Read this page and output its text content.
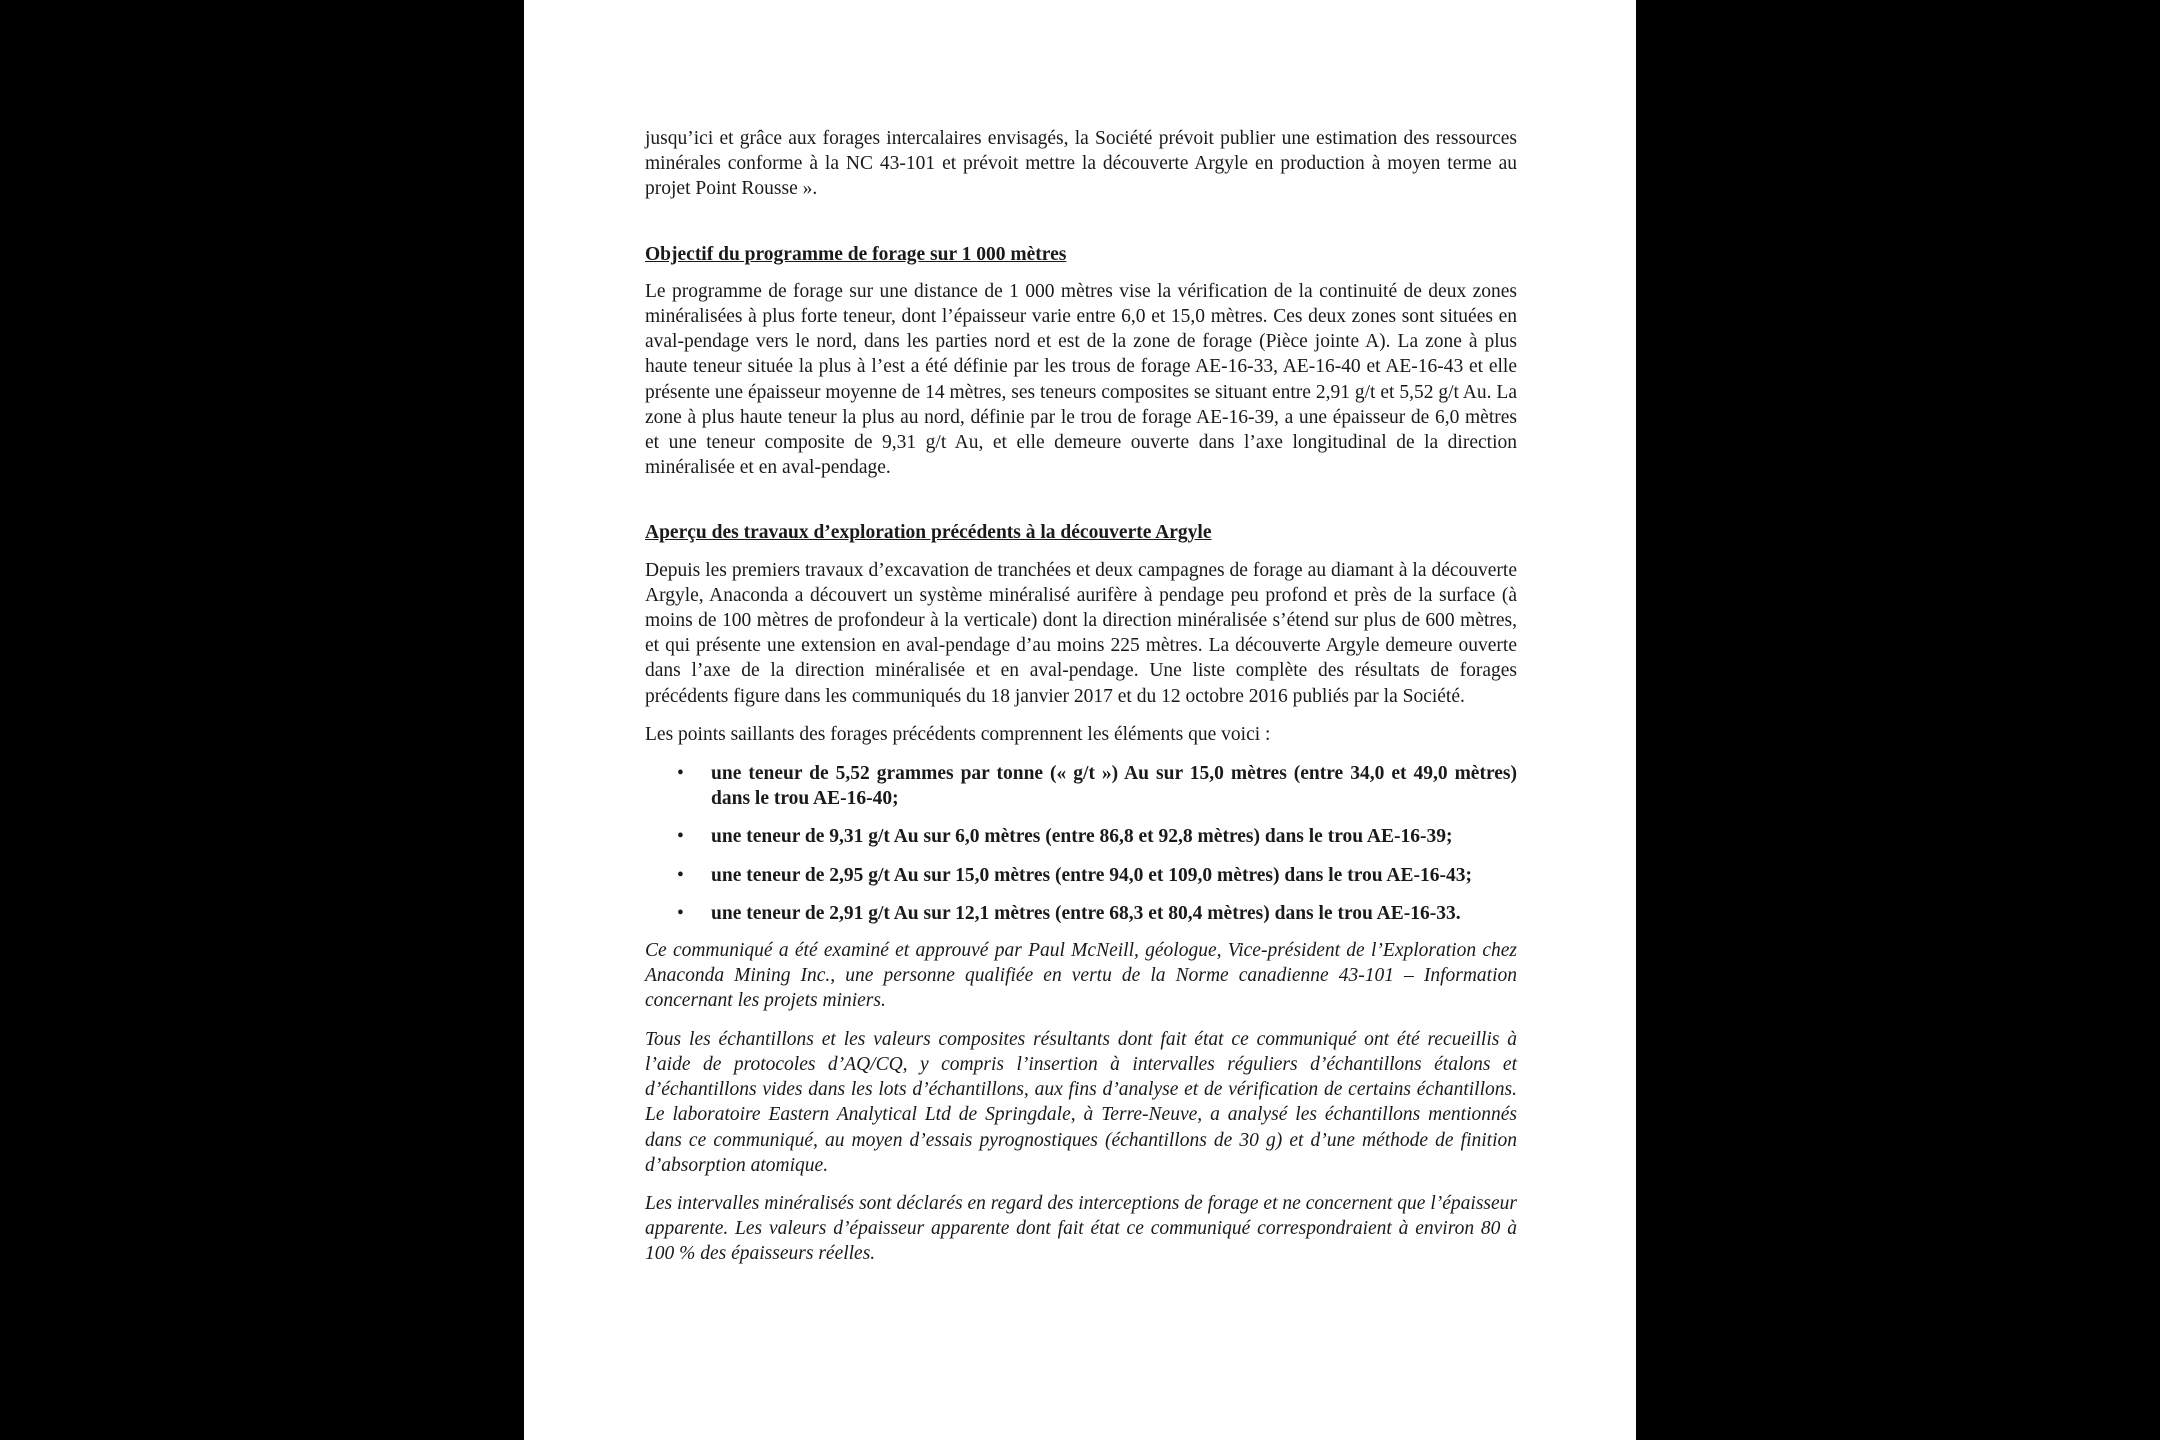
jusqu’ici et grâce aux forages intercalaires envisagés, la Société prévoit publier une estimation des ressources minérales conforme à la NC 43-101 et prévoit mettre la découverte Argyle en production à moyen terme au projet Point Rousse ».

Objectif du programme de forage sur 1 000 mètres

Le programme de forage sur une distance de 1 000 mètres vise la vérification de la continuité de deux zones minéralisées à plus forte teneur, dont l’épaisseur varie entre 6,0 et 15,0 mètres. Ces deux zones sont situées en aval-pendage vers le nord, dans les parties nord et est de la zone de forage (Pièce jointe A). La zone à plus haute teneur située la plus à l’est a été définie par les trous de forage AE-16-33, AE-16-40 et AE-16-43 et elle présente une épaisseur moyenne de 14 mètres, ses teneurs composites se situant entre 2,91 g/t et 5,52 g/t Au. La zone à plus haute teneur la plus au nord, définie par le trou de forage AE-16-39, a une épaisseur de 6,0 mètres et une teneur composite de 9,31 g/t Au, et elle demeure ouverte dans l’axe longitudinal de la direction minéralisée et en aval-pendage.

Aperçu des travaux d’exploration précédents à la découverte Argyle

Depuis les premiers travaux d’excavation de tranchées et deux campagnes de forage au diamant à la découverte Argyle, Anaconda a découvert un système minéralisé aurifère à pendage peu profond et près de la surface (à moins de 100 mètres de profondeur à la verticale) dont la direction minéralisée s’étend sur plus de 600 mètres, et qui présente une extension en aval-pendage d’au moins 225 mètres. La découverte Argyle demeure ouverte dans l’axe de la direction minéralisée et en aval-pendage. Une liste complète des résultats de forages précédents figure dans les communiqués du 18 janvier 2017 et du 12 octobre 2016 publiés par la Société.

Les points saillants des forages précédents comprennent les éléments que voici :

• une teneur de 5,52 grammes par tonne (« g/t ») Au sur 15,0 mètres (entre 34,0 et 49,0 mètres) dans le trou AE-16-40;
• une teneur de 9,31 g/t Au sur 6,0 mètres (entre 86,8 et 92,8 mètres) dans le trou AE-16-39;
• une teneur de 2,95 g/t Au sur 15,0 mètres (entre 94,0 et 109,0 mètres) dans le trou AE-16-43;
• une teneur de 2,91 g/t Au sur 12,1 mètres (entre 68,3 et 80,4 mètres) dans le trou AE-16-33.

Ce communiqué a été examiné et approuvé par Paul McNeill, géologue, Vice-président de l’Exploration chez Anaconda Mining Inc., une personne qualifiée en vertu de la Norme canadienne 43-101 – Information concernant les projets miniers.

Tous les échantillons et les valeurs composites résultants dont fait état ce communiqué ont été recueillis à l’aide de protocoles d’AQ/CQ, y compris l’insertion à intervalles réguliers d’échantillons étalons et d’échantillons vides dans les lots d’échantillons, aux fins d’analyse et de vérification de certains échantillons. Le laboratoire Eastern Analytical Ltd de Springdale, à Terre-Neuve, a analysé les échantillons mentionnés dans ce communiqué, au moyen d’essais pyrognostiques (échantillons de 30 g) et d’une méthode de finition d’absorption atomique.

Les intervalles minéralisés sont déclarés en regard des interceptions de forage et ne concernent que l’épaisseur apparente. Les valeurs d’épaisseur apparente dont fait état ce communiqué correspondraient à environ 80 à 100 % des épaisseurs réelles.
